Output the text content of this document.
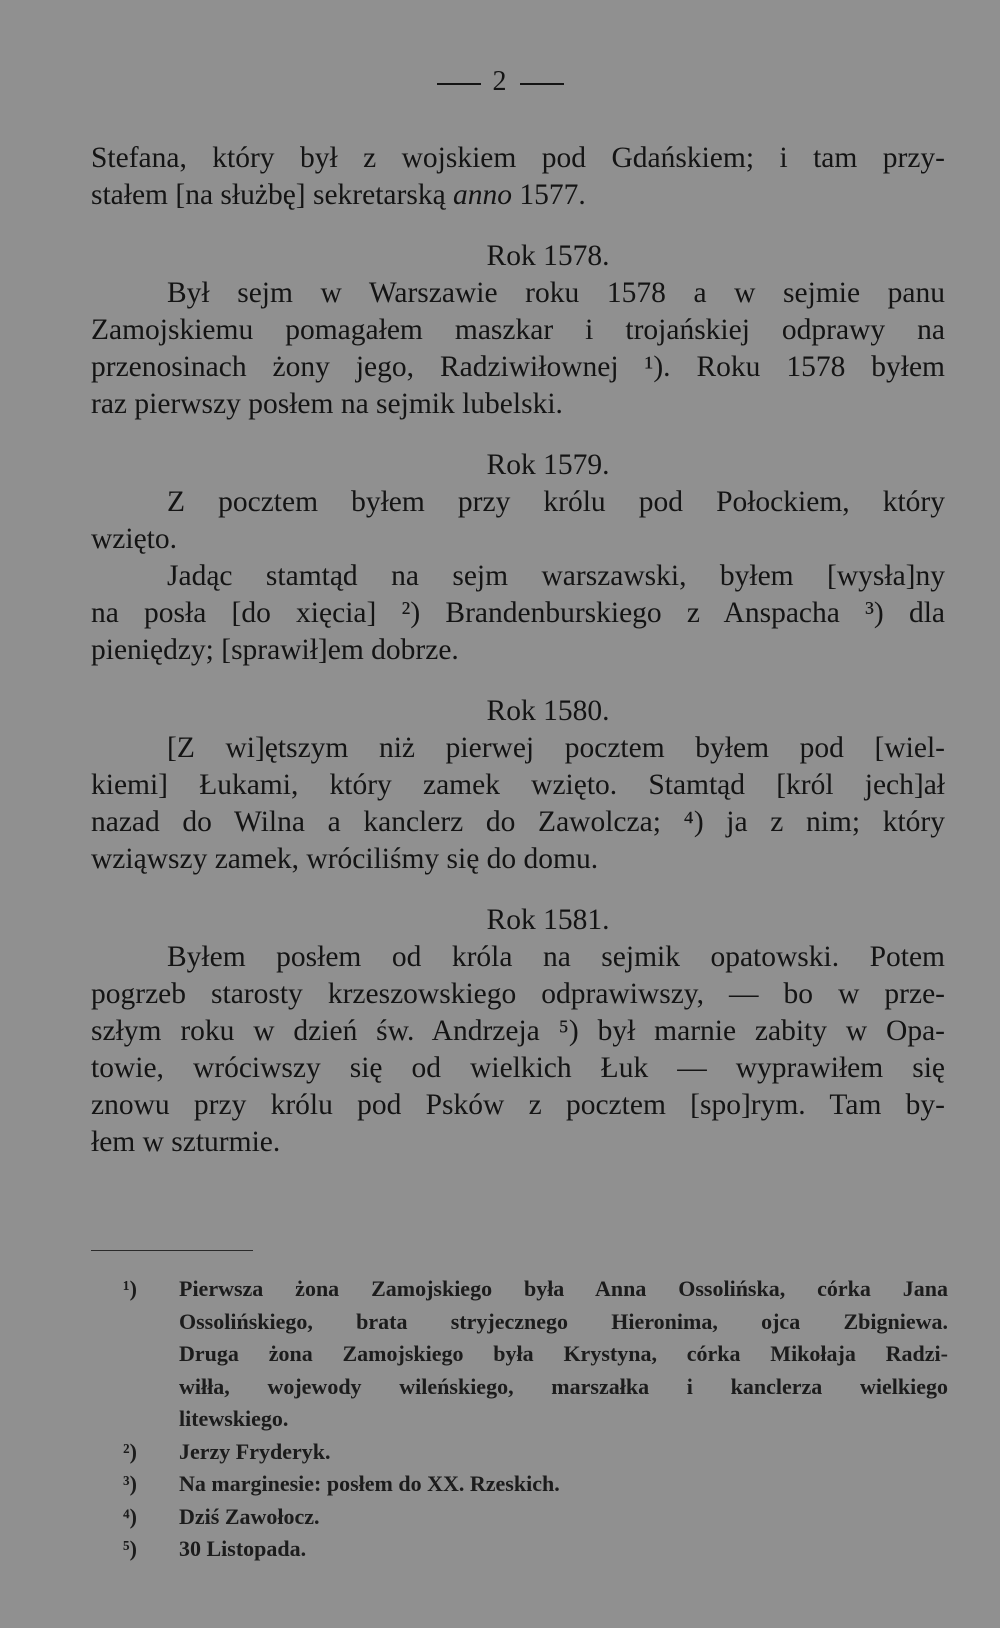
2
Stefana, który był z wojskiem pod Gdańskiem; i tam przy-
stałem [na służbę] sekretarską anno 1577.
Rok 1578.
Był sejm w Warszawie roku 1578 a w sejmie panu
Zamojskiemu pomagałem maszkar i trojańskiej odprawy na
przenosinach żony jego, Radziwiłownej ¹). Roku 1578 byłem
raz pierwszy posłem na sejmik lubelski.
Rok 1579.
Z pocztem byłem przy królu pod Połockiem, który
wzięto.
Jadąc stamtąd na sejm warszawski, byłem [wysła]ny
na posła [do xięcia] ²) Brandenburskiego z Anspacha ³) dla
pieniędzy; [sprawił]em dobrze.
Rok 1580.
[Z wi]ętszym niż pierwej pocztem byłem pod [wiel-
kiemi] Łukami, który zamek wzięto. Stamtąd [król jech]ał
nazad do Wilna a kanclerz do Zawolcza; ⁴) ja z nim; który
wziąwszy zamek, wróciliśmy się do domu.
Rok 1581.
Byłem posłem od króla na sejmik opatowski. Potem
pogrzeb starosty krzeszowskiego odprawiwszy, — bo w prze-
szłym roku w dzień św. Andrzeja ⁵) był marnie zabity w Opa-
towie, wróciwszy się od wielkich Łuk — wyprawiłem się
znowu przy królu pod Psków z pocztem [spo]rym. Tam by-
łem w szturmie.
¹)	Pierwsza żona Zamojskiego była Anna Ossolińska, córka Jana
Ossolińskiego, brata stryjecznego Hieronima, ojca Zbigniewa.
Druga żona Zamojskiego była Krystyna, córka Mikołaja Radzi-
wiłła, wojewody wileńskiego, marszałka i kanclerza wielkiego
litewskiego.
²)	Jerzy Fryderyk.
³)	Na marginesie: posłem do XX. Rzeskich.
⁴)	Dziś Zawołocz.
⁵)	30 Listopada.
